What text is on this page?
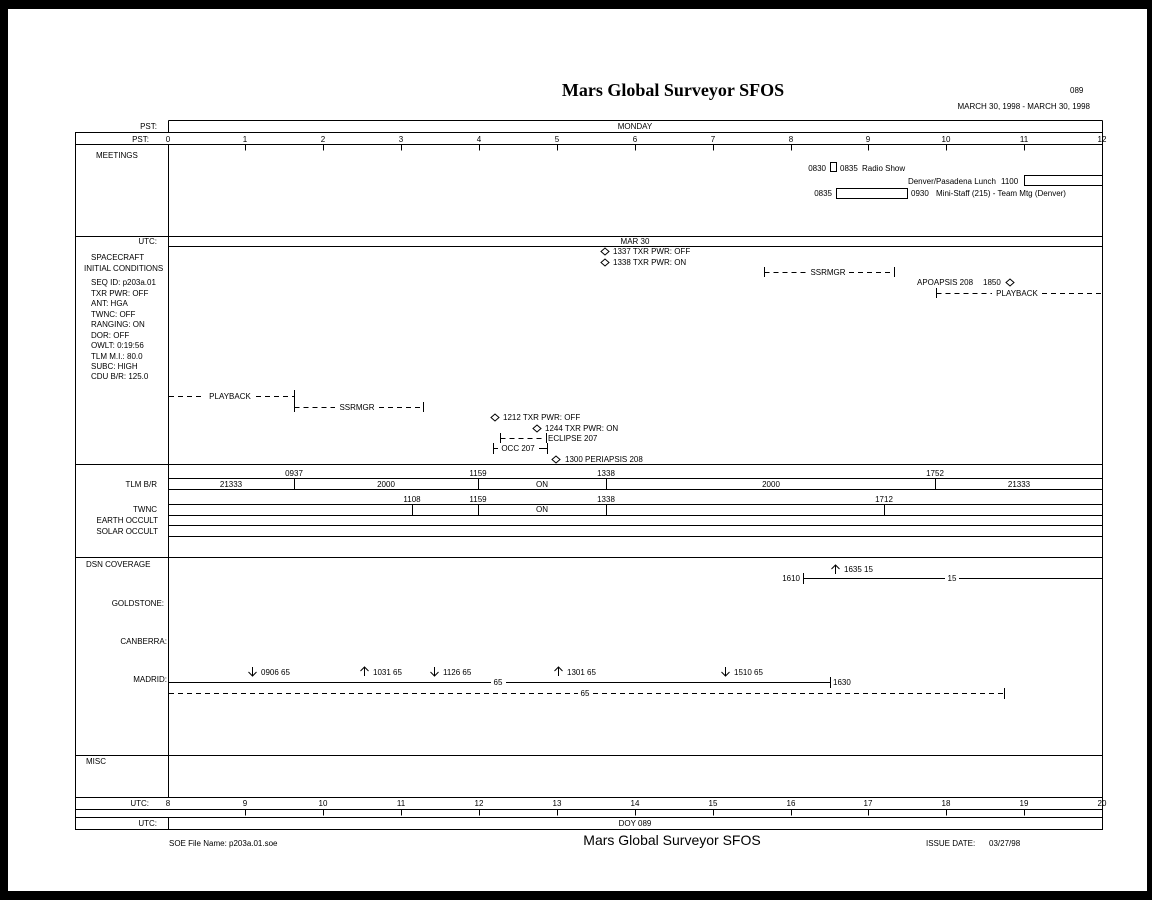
Mars Global Surveyor SFOS	089
MARCH 30, 1998 - MARCH 30, 1998
PST:	MONDAY
PST: 0	1	2	3	4	5	6	7	8	9	10	11	12
MEETINGS
0830 0835 Radio Show
Denver/Pasadena Lunch 1100
0835	0930 Mini-Staff (215) - Team Mtg (Denver)
UTC:	MAR 30
SPACECRAFT
INITIAL CONDITIONS
SEQ ID: p203a.01
TXR PWR: OFF
ANT: HGA
TWNC: OFF
RANGING: ON
DOR: OFF
OWLT: 0:19:56
TLM M.I.: 80.0
SUBC: HIGH
CDU B/R: 125.0
1337 TXR PWR: OFF
1338 TXR PWR: ON
SSRMGR
APOAPSIS 208 1850
PLAYBACK
PLAYBACK
SSRMGR
1212 TXR PWR: OFF
1244 TXR PWR: ON
ECLIPSE 207
OCC 207
1300 PERIAPSIS 208
TLM B/R
0937	1159	1338	1752
21333	2000	ON	2000	21333
TWNC
1108	1159	1338	1712
ON
EARTH OCCULT
SOLAR OCCULT
DSN COVERAGE
GOLDSTONE:
CANBERRA:
MADRID:
1635 15
1610	15
0906 65	1031 65	1126 65	1301 65	1510 65
65	1630
65
MISC
UTC: 8	9	10	11	12	13	14	15	16	17	18	19	20
UTC:	DOY 089
SOE File Name: p203a.01.soe	Mars Global Surveyor SFOS	ISSUE DATE: 03/27/98
